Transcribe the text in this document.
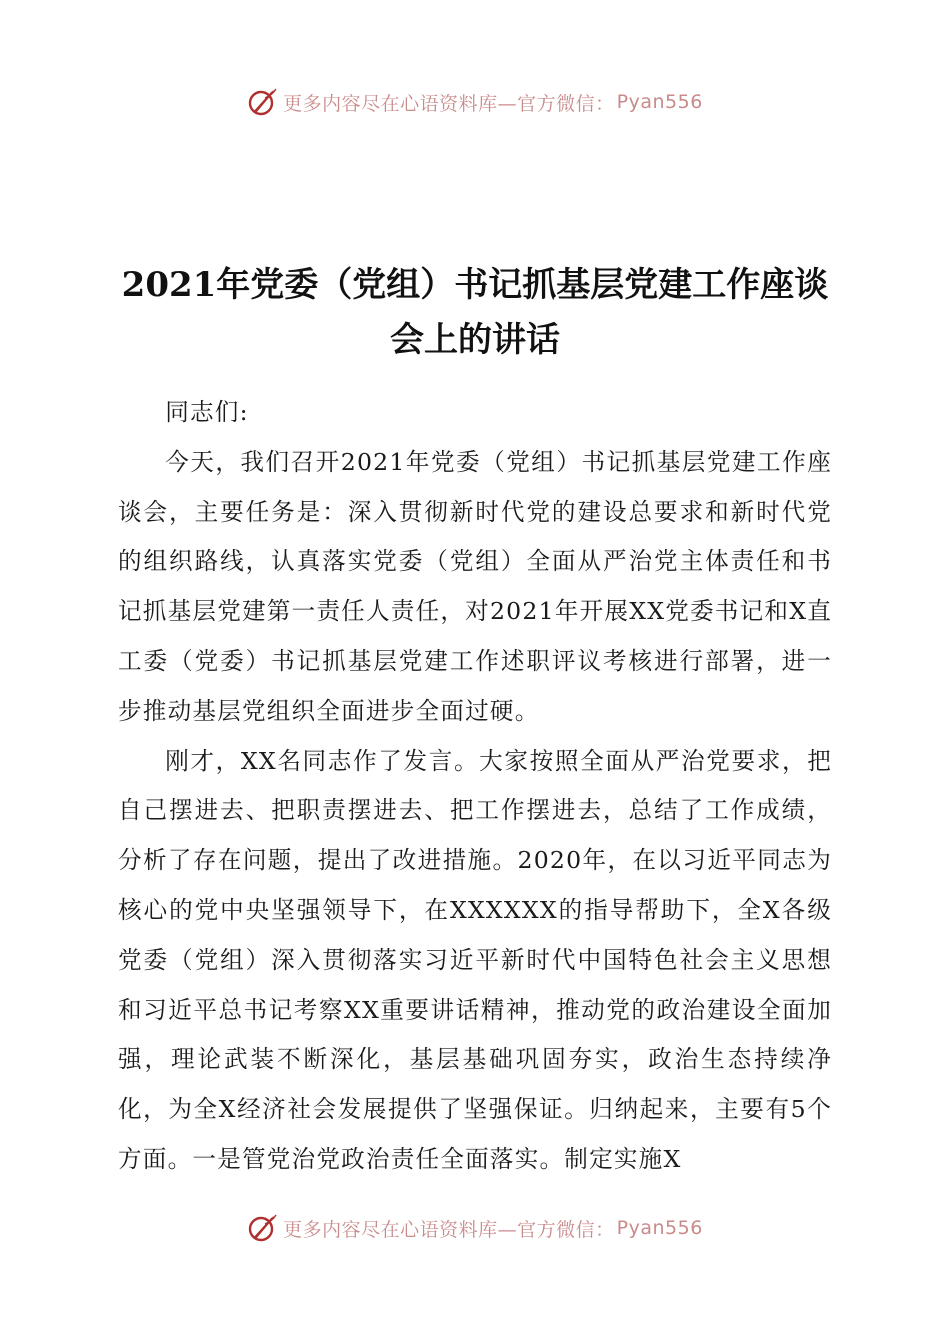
更多内容尽在心语资料库—官方微信： Pyan556
2021年党委（党组）书记抓基层党建工作座谈
会上的讲话

同志们:

今天，我们召开2021年党委（党组）书记抓基层党建工作座谈会，主要任务是：深入贯彻新时代党的建设总要求和新时代党的组织路线，认真落实党委（党组）全面从严治党主体责任和书记抓基层党建第一责任人责任，对2021年开展XX党委书记和X直工委（党委）书记抓基层党建工作述职评议考核进行部署，进一步推动基层党组织全面进步全面过硬。

刚才，XX名同志作了发言。大家按照全面从严治党要求，把自己摆进去、把职责摆进去、把工作摆进去，总结了工作成绩，分析了存在问题，提出了改进措施。2020年，在以习近平同志为核心的党中央坚强领导下，在XXXXXX的指导帮助下，全X各级党委（党组）深入贯彻落实习近平新时代中国特色社会主义思想和习近平总书记考察XX重要讲话精神，推动党的政治建设全面加强，理论武装不断深化，基层基础巩固夯实，政治生态持续净化，为全X经济社会发展提供了坚强保证。归纳起来，主要有5个方面。一是管党治党政治责任全面落实。制定实施X

更多内容尽在心语资料库—官方微信： Pyan556
